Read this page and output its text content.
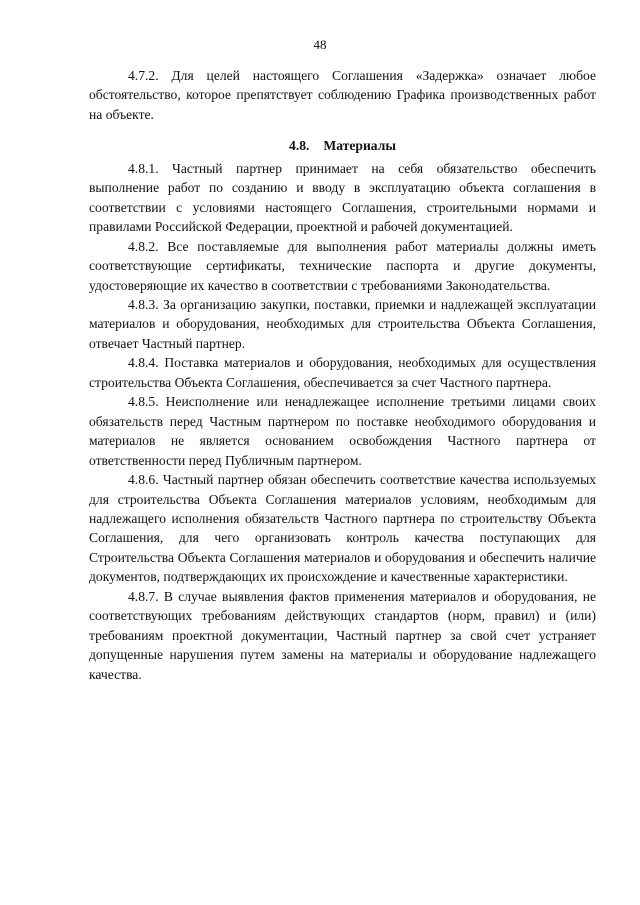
48

4.7.2. Для целей настоящего Соглашения «Задержка» означает любое обстоятельство, которое препятствует соблюдению Графика производственных работ на объекте.

4.8. Материалы

4.8.1. Частный партнер принимает на себя обязательство обеспечить выполнение работ по созданию и вводу в эксплуатацию объекта соглашения в соответствии с условиями настоящего Соглашения, строительными нормами и правилами Российской Федерации, проектной и рабочей документацией.

4.8.2. Все поставляемые для выполнения работ материалы должны иметь соответствующие сертификаты, технические паспорта и другие документы, удостоверяющие их качество в соответствии с требованиями Законодательства.

4.8.3. За организацию закупки, поставки, приемки и надлежащей эксплуатации материалов и оборудования, необходимых для строительства Объекта Соглашения, отвечает Частный партнер.

4.8.4. Поставка материалов и оборудования, необходимых для осуществления строительства Объекта Соглашения, обеспечивается за счет Частного партнера.

4.8.5. Неисполнение или ненадлежащее исполнение третьими лицами своих обязательств перед Частным партнером по поставке необходимого оборудования и материалов не является основанием освобождения Частного партнера от ответственности перед Публичным партнером.

4.8.6. Частный партнер обязан обеспечить соответствие качества используемых для строительства Объекта Соглашения материалов условиям, необходимым для надлежащего исполнения обязательств Частного партнера по строительству Объекта Соглашения, для чего организовать контроль качества поступающих для Строительства Объекта Соглашения материалов и оборудования и обеспечить наличие документов, подтверждающих их происхождение и качественные характеристики.

4.8.7. В случае выявления фактов применения материалов и оборудования, не соответствующих требованиям действующих стандартов (норм, правил) и (или) требованиям проектной документации, Частный партнер за свой счет устраняет допущенные нарушения путем замены на материалы и оборудование надлежащего качества.
